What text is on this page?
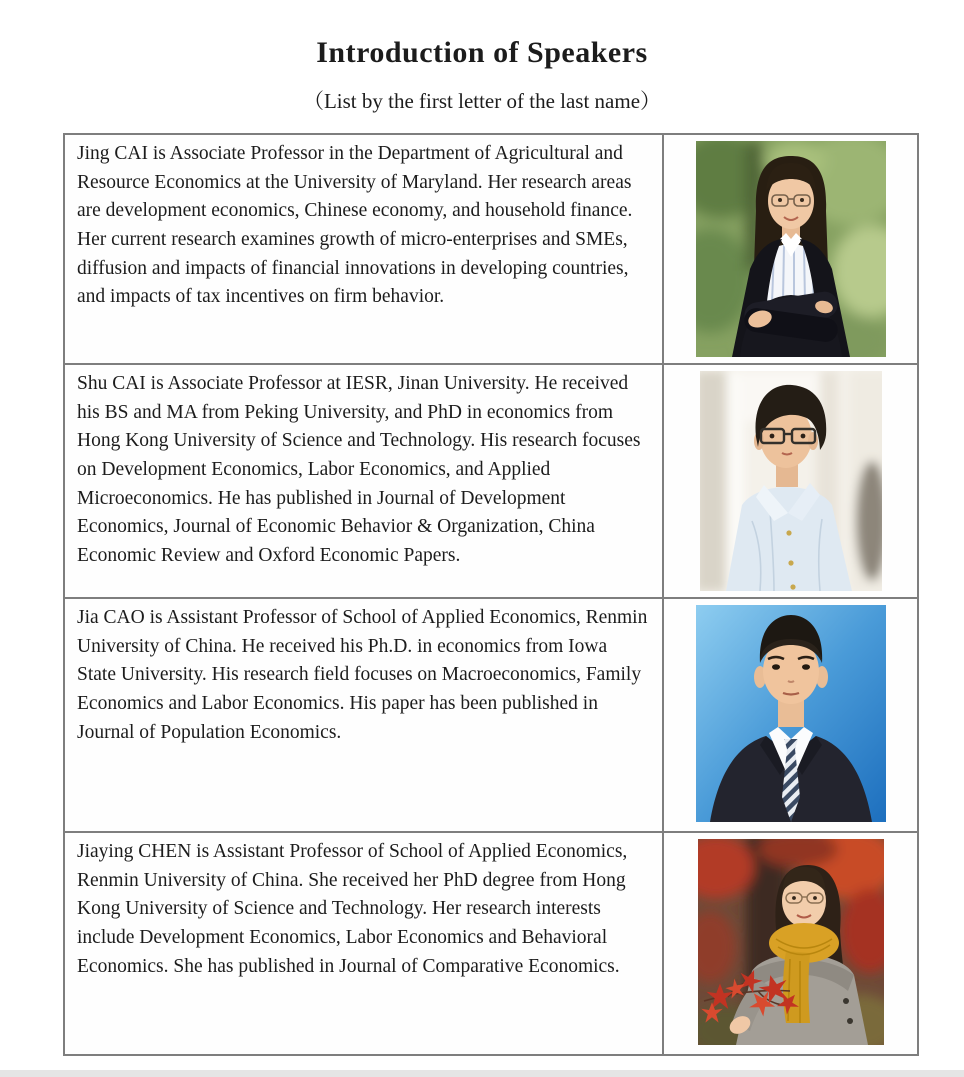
Introduction of Speakers
（List by the first letter of the last name）
Jing CAI is Associate Professor in the Department of Agricultural and Resource Economics at the University of Maryland. Her research areas are development economics, Chinese economy, and household finance. Her current research examines growth of micro-enterprises and SMEs, diffusion and impacts of financial innovations in developing countries, and impacts of tax incentives on firm behavior.	

Shu CAI is Associate Professor at IESR, Jinan University. He received his BS and MA from Peking University, and PhD in economics from Hong Kong University of Science and Technology. His research focuses on Development Economics, Labor Economics, and Applied Microeconomics. He has published in Journal of Development Economics, Journal of Economic Behavior & Organization, China Economic Review and Oxford Economic Papers.	

Jia CAO is Assistant Professor of School of Applied Economics, Renmin University of China. He received his Ph.D. in economics from Iowa State University. His research field focuses on Macroeconomics, Family Economics and Labor Economics. His paper has been published in Journal of Population Economics.	

Jiaying CHEN is Assistant Professor of School of Applied Economics, Renmin University of China. She received her PhD degree from Hong Kong University of Science and Technology. Her research interests include Development Economics, Labor Economics and Behavioral Economics. She has published in Journal of Comparative Economics.	
